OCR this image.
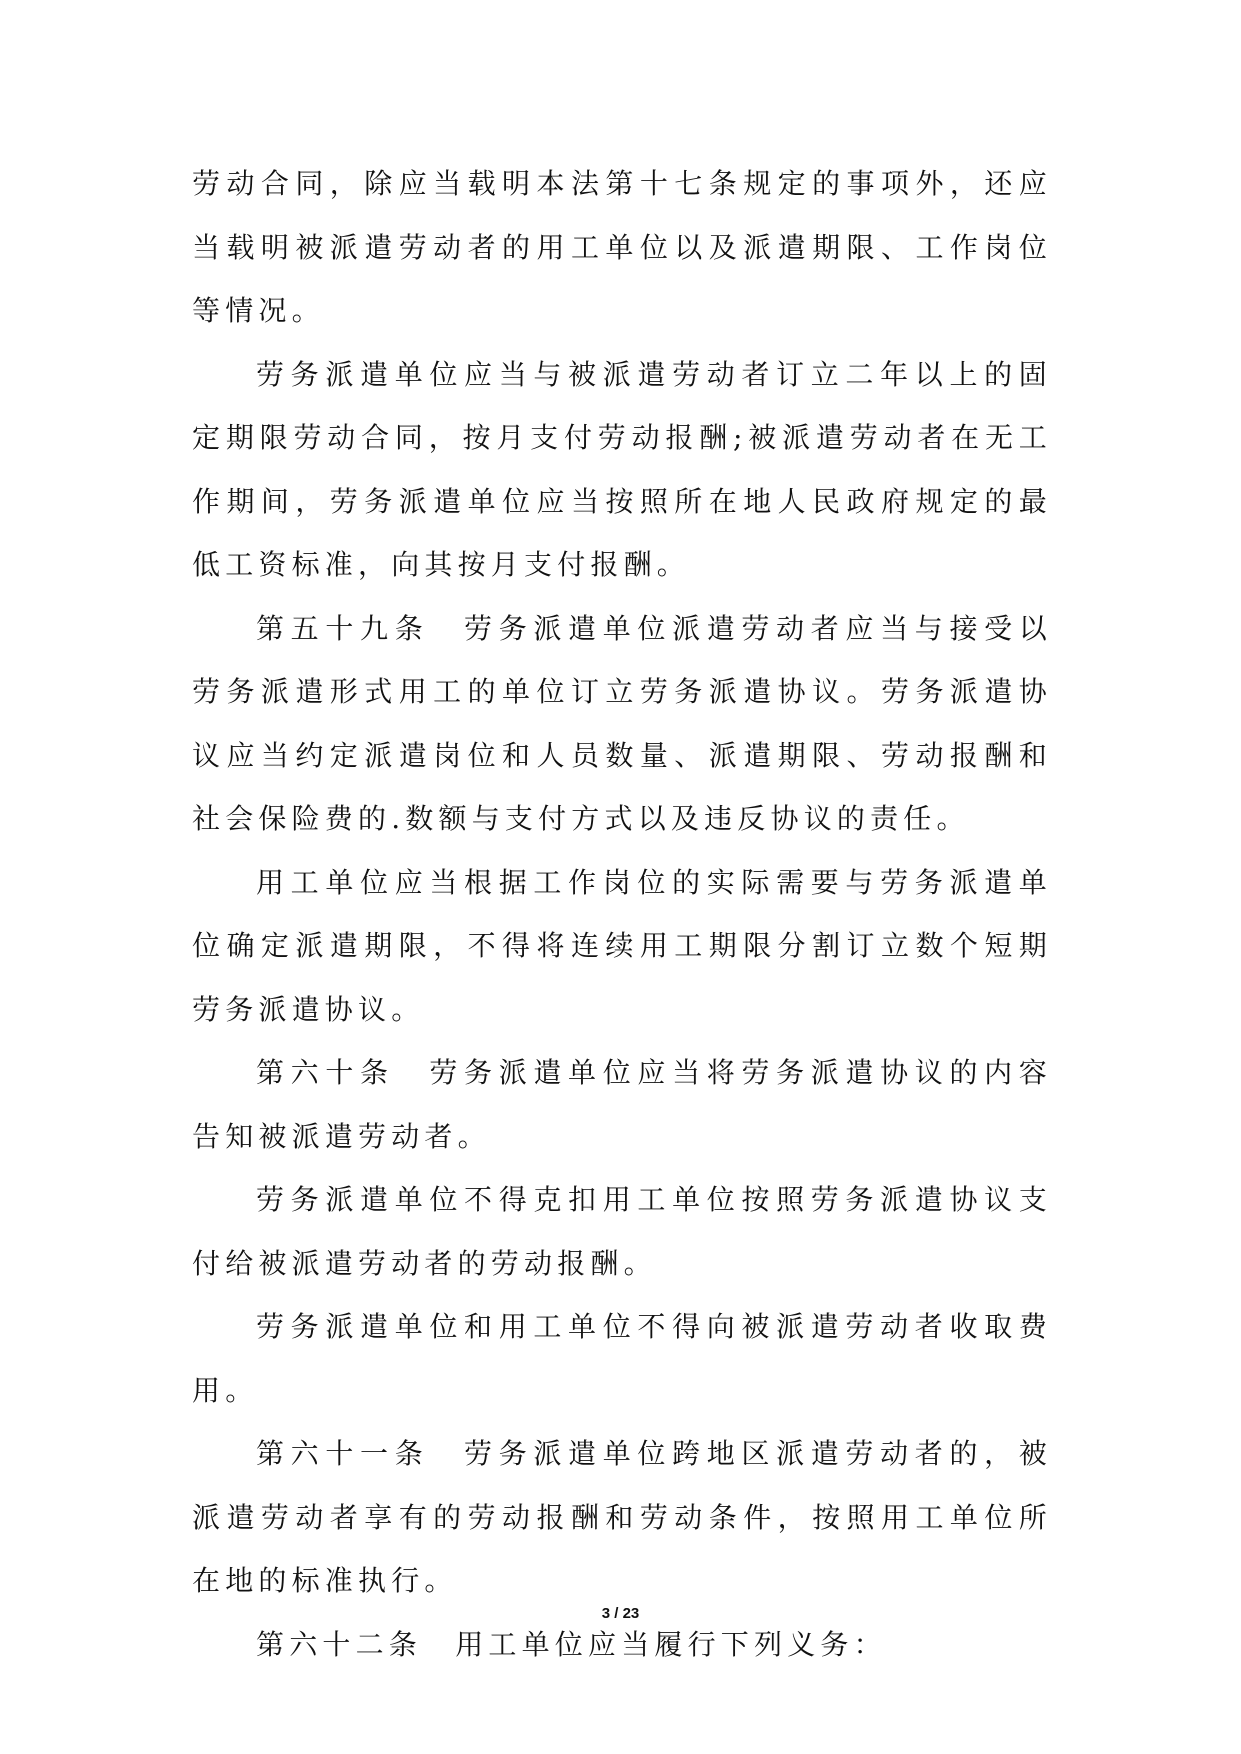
劳动合同，除应当载明本法第十七条规定的事项外，还应当载明被派遣劳动者的用工单位以及派遣期限、工作岗位等情况。

劳务派遣单位应当与被派遣劳动者订立二年以上的固定期限劳动合同，按月支付劳动报酬;被派遣劳动者在无工作期间，劳务派遣单位应当按照所在地人民政府规定的最低工资标准，向其按月支付报酬。

第五十九条　劳务派遣单位派遣劳动者应当与接受以劳务派遣形式用工的单位订立劳务派遣协议。劳务派遣协议应当约定派遣岗位和人员数量、派遣期限、劳动报酬和社会保险费的.数额与支付方式以及违反协议的责任。

用工单位应当根据工作岗位的实际需要与劳务派遣单位确定派遣期限，不得将连续用工期限分割订立数个短期劳务派遣协议。

第六十条　劳务派遣单位应当将劳务派遣协议的内容告知被派遣劳动者。

劳务派遣单位不得克扣用工单位按照劳务派遣协议支付给被派遣劳动者的劳动报酬。

劳务派遣单位和用工单位不得向被派遣劳动者收取费用。

第六十一条　劳务派遣单位跨地区派遣劳动者的，被派遣劳动者享有的劳动报酬和劳动条件，按照用工单位所在地的标准执行。

第六十二条　用工单位应当履行下列义务：

3 / 23
